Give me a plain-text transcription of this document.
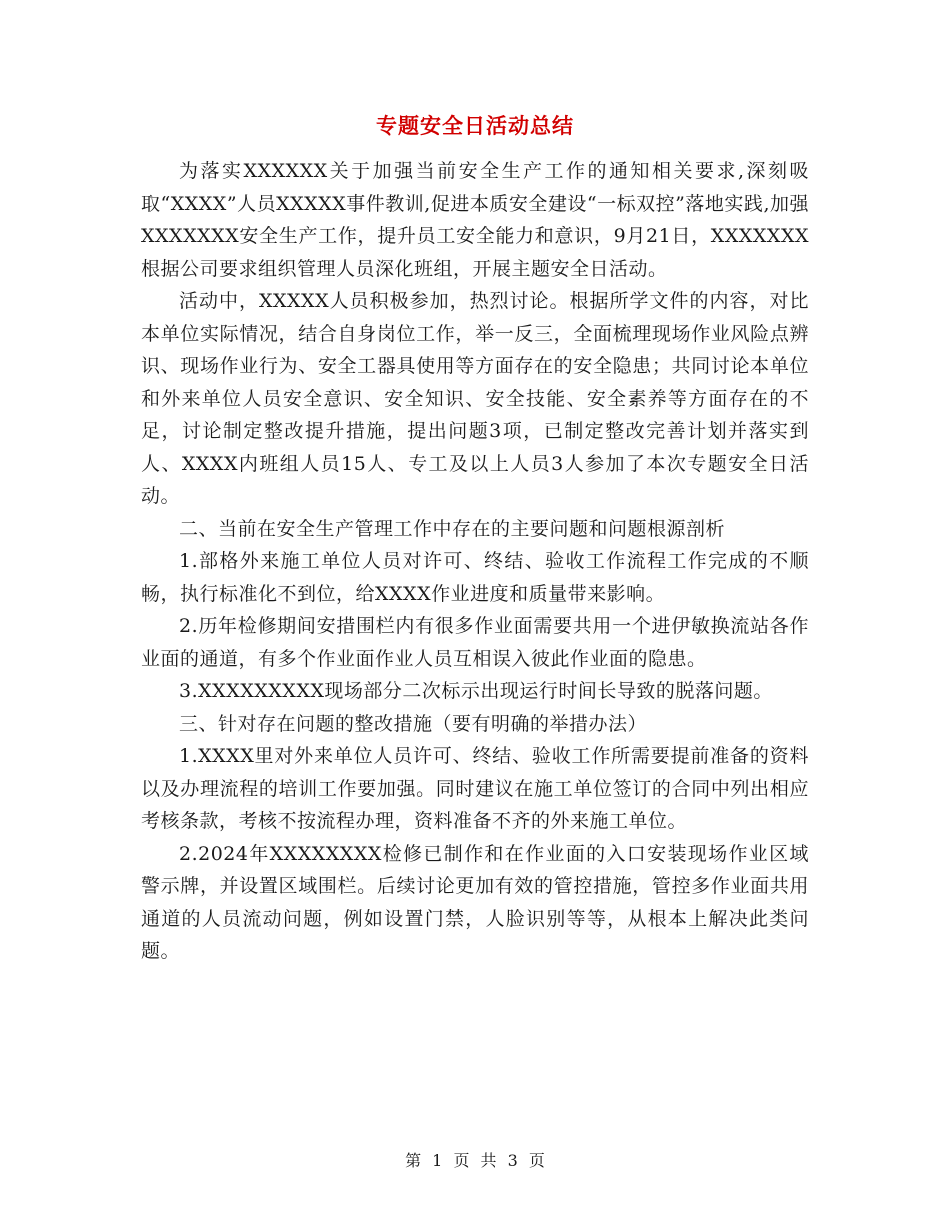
专题安全日活动总结

为落实XXXXXX关于加强当前安全生产工作的通知相关要求,深刻吸取“XXXX”人员XXXXX事件教训,促进本质安全建设“一标双控”落地实践,加强XXXXXXX安全生产工作，提升员工安全能力和意识，9月21日，XXXXXXX根据公司要求组织管理人员深化班组，开展主题安全日活动。

活动中，XXXXX人员积极参加，热烈讨论。根据所学文件的内容，对比本单位实际情况，结合自身岗位工作，举一反三，全面梳理现场作业风险点辨识、现场作业行为、安全工器具使用等方面存在的安全隐患；共同讨论本单位和外来单位人员安全意识、安全知识、安全技能、安全素养等方面存在的不足，讨论制定整改提升措施，提出问题3项，已制定整改完善计划并落实到人、XXXX内班组人员15人、专工及以上人员3人参加了本次专题安全日活动。

二、当前在安全生产管理工作中存在的主要问题和问题根源剖析

1.部格外来施工单位人员对许可、终结、验收工作流程工作完成的不顺畅，执行标准化不到位，给XXXX作业进度和质量带来影响。

2.历年检修期间安措围栏内有很多作业面需要共用一个进伊敏换流站各作业面的通道，有多个作业面作业人员互相误入彼此作业面的隐患。

3.XXXXXXXXX现场部分二次标示出现运行时间长导致的脱落问题。

三、针对存在问题的整改措施（要有明确的举措办法）

1.XXXX里对外来单位人员许可、终结、验收工作所需要提前准备的资料以及办理流程的培训工作要加强。同时建议在施工单位签订的合同中列出相应考核条款，考核不按流程办理，资料准备不齐的外来施工单位。

2.2024年XXXXXXXX检修已制作和在作业面的入口安装现场作业区域警示牌，并设置区域围栏。后续讨论更加有效的管控措施，管控多作业面共用通道的人员流动问题，例如设置门禁，人脸识别等等，从根本上解决此类问题。

第 1 页 共 3 页
